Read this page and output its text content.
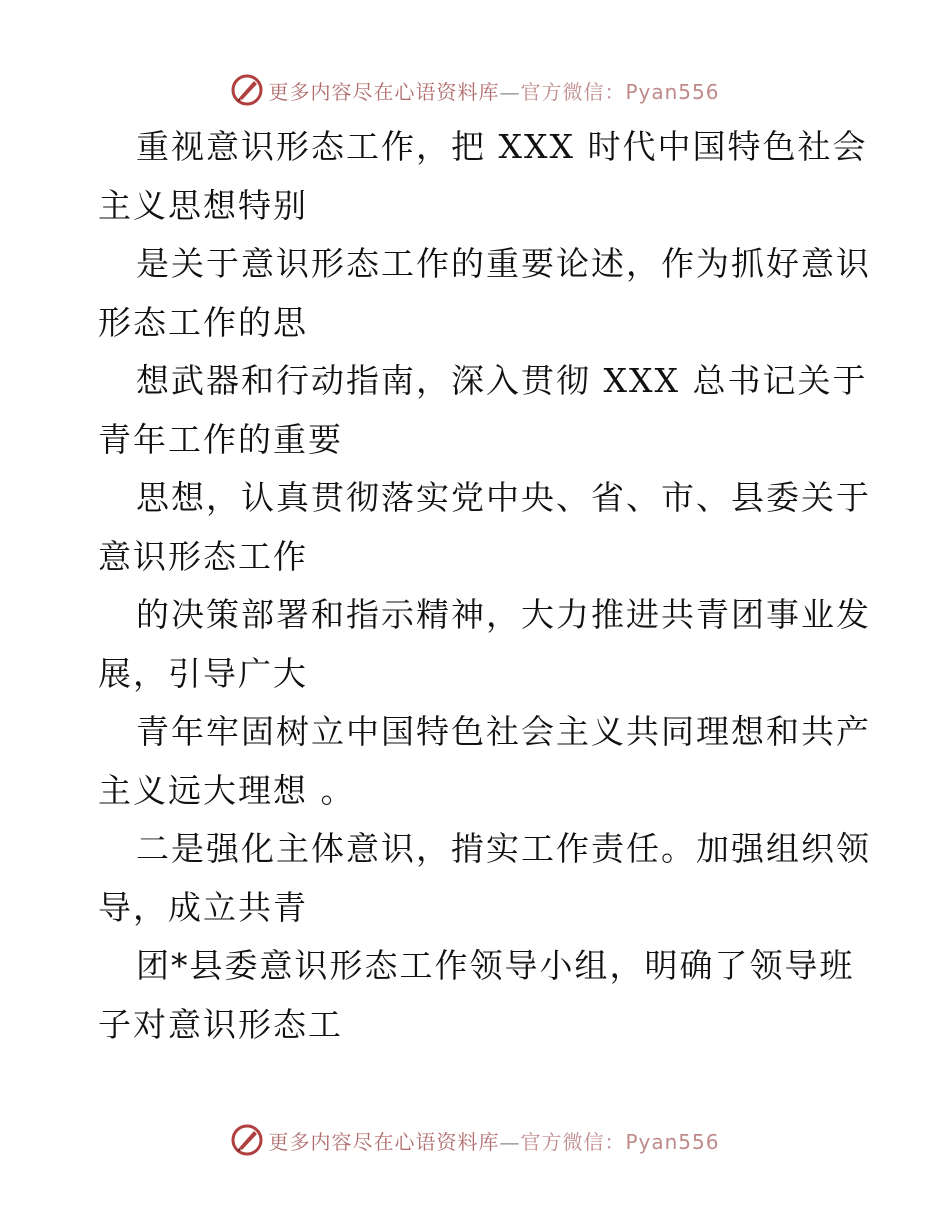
更多内容尽在心语资料库—官方微信：Pyan556
重视意识形态工作，把 XXX 时代中国特色社会
主义思想特别
是关于意识形态工作的重要论述，作为抓好意识
形态工作的思
想武器和行动指南，深入贯彻 XXX 总书记关于
青年工作的重要
思想，认真贯彻落实党中央、省、市、县委关于
意识形态工作
的决策部署和指示精神，大力推进共青团事业发
展，引导广大
青年牢固树立中国特色社会主义共同理想和共产
主义远大理想 。
二是强化主体意识，掯实工作责任。加强组织领
导，成立共青
团*县委意识形态工作领导小组，明确了领导班
子对意识形态工
更多内容尽在心语资料库—官方微信：Pyan556
